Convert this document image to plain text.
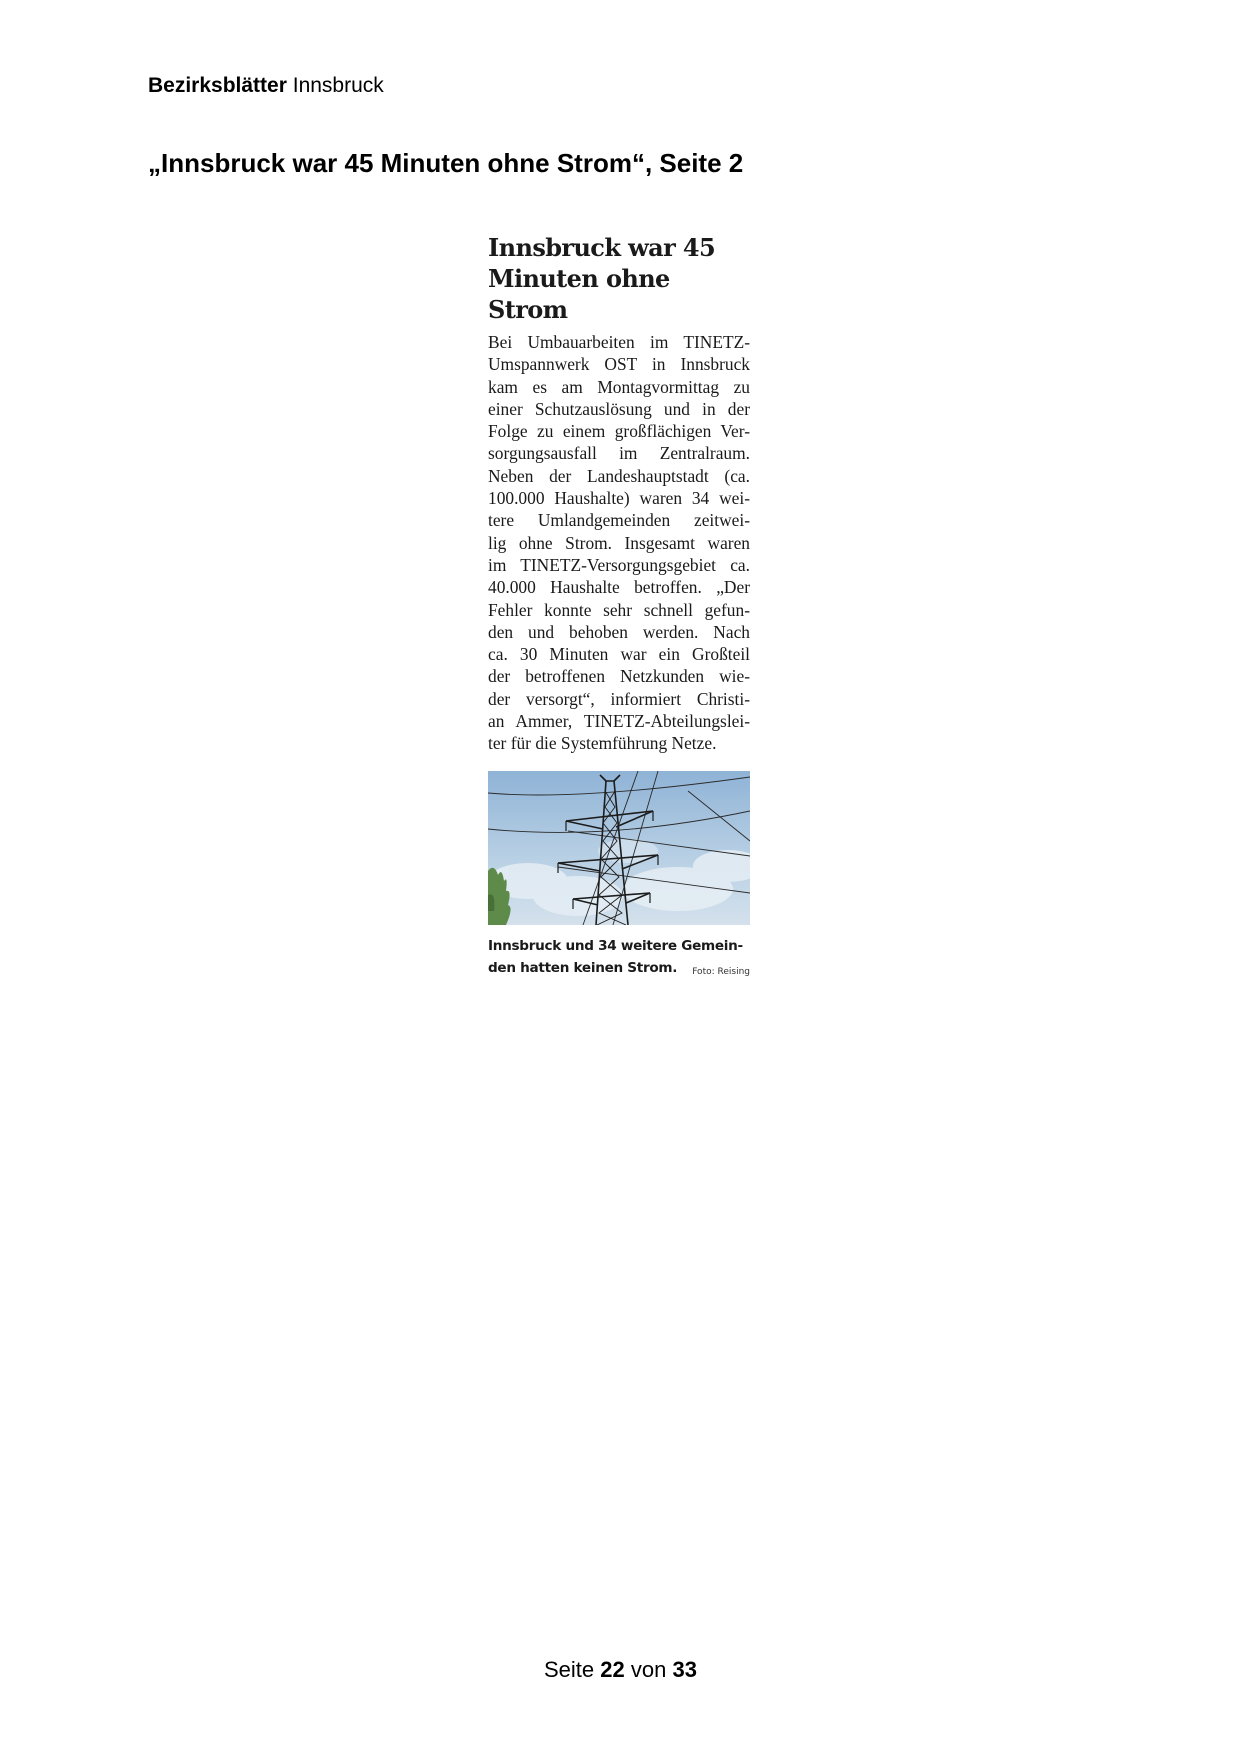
Bezirksblätter Innsbruck
„Innsbruck war 45 Minuten ohne Strom“, Seite 2
Innsbruck war 45
Minuten ohne Strom
Bei Umbauarbeiten im TINETZ-
Umspannwerk OST in Innsbruck
kam es am Montagvormittag zu
einer Schutzauslösung und in der
Folge zu einem großflächigen Ver-
sorgungsausfall im Zentralraum.
Neben der Landeshauptstadt (ca.
100.000 Haushalte) waren 34 wei-
tere Umlandgemeinden zeitwei-
lig ohne Strom. Insgesamt waren
im TINETZ-Versorgungsgebiet ca.
40.000 Haushalte betroffen. „Der
Fehler konnte sehr schnell gefun-
den und behoben werden. Nach
ca. 30 Minuten war ein Großteil
der betroffenen Netzkunden wie-
der versorgt“, informiert Christi-
an Ammer, TINETZ-Abteilungslei-
ter für die Systemführung Netze.
Innsbruck und 34 weitere Gemein-
den hatten keinen Strom.	Foto: Reising
Seite 22 von 33
